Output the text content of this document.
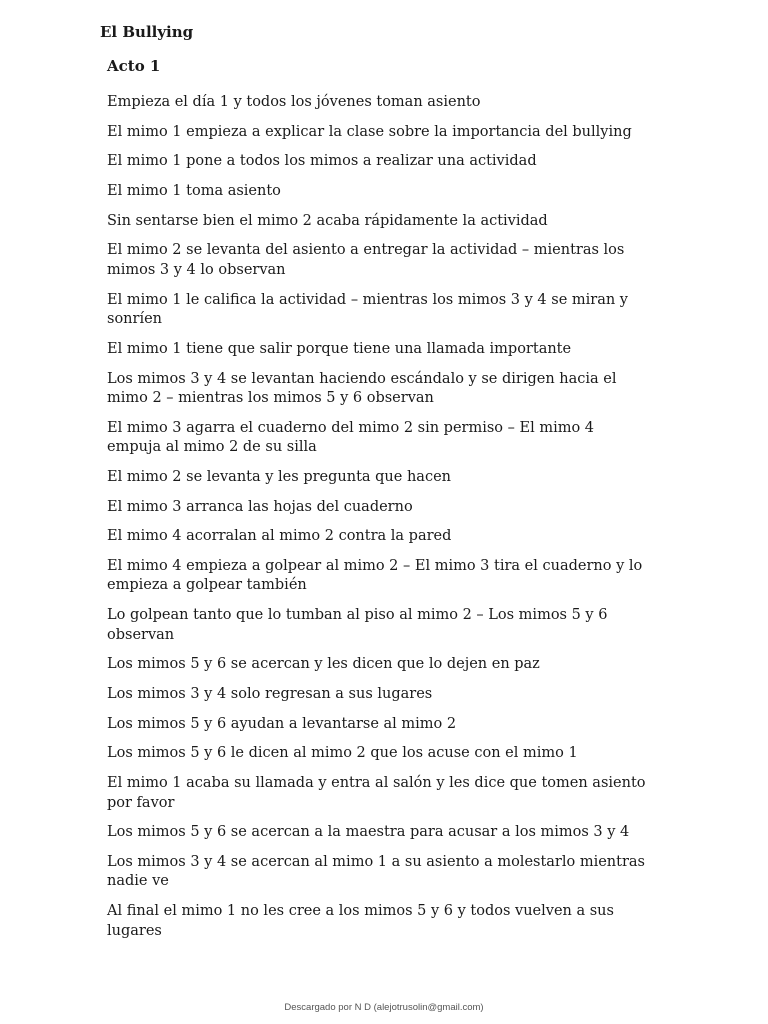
El Bullying
Acto 1

Empieza el día 1 y todos los jóvenes toman asiento

El mimo 1 empieza a explicar la clase sobre la importancia del bullying

El mimo 1 pone a todos los mimos a realizar una actividad

El mimo 1 toma asiento

Sin sentarse bien el mimo 2 acaba rápidamente la actividad

El mimo 2 se levanta del asiento a entregar la actividad – mientras los mimos 3 y 4 lo observan

El mimo 1 le califica la actividad – mientras los mimos 3 y 4 se miran y sonríen

El mimo 1 tiene que salir porque tiene una llamada importante

Los mimos 3 y 4 se levantan haciendo escándalo y se dirigen hacia el mimo 2 – mientras los mimos 5 y 6 observan

El mimo 3 agarra el cuaderno del mimo 2 sin permiso – El mimo 4 empuja al mimo 2 de su silla

El mimo 2 se levanta y les pregunta que hacen

El mimo 3 arranca las hojas del cuaderno

El mimo 4 acorralan al mimo 2 contra la pared

El mimo 4 empieza a golpear al mimo 2 – El mimo 3 tira el cuaderno y lo empieza a golpear también

Lo golpean tanto que lo tumban al piso al mimo 2 – Los mimos 5 y 6 observan

Los mimos 5 y 6 se acercan y les dicen que lo dejen en paz

Los mimos 3 y 4 solo regresan a sus lugares

Los mimos 5 y 6 ayudan a levantarse al mimo 2

Los mimos 5 y 6 le dicen al mimo 2 que los acuse con el mimo 1

El mimo 1 acaba su llamada y entra al salón y les dice que tomen asiento por favor

Los mimos 5 y 6 se acercan a la maestra para acusar a los mimos 3 y 4

Los mimos 3 y 4 se acercan al mimo 1 a su asiento a molestarlo mientras nadie ve

Al final el mimo 1 no les cree a los mimos 5 y 6 y todos vuelven a sus lugares

Descargado por N D (alejotrusolin@gmail.com)
